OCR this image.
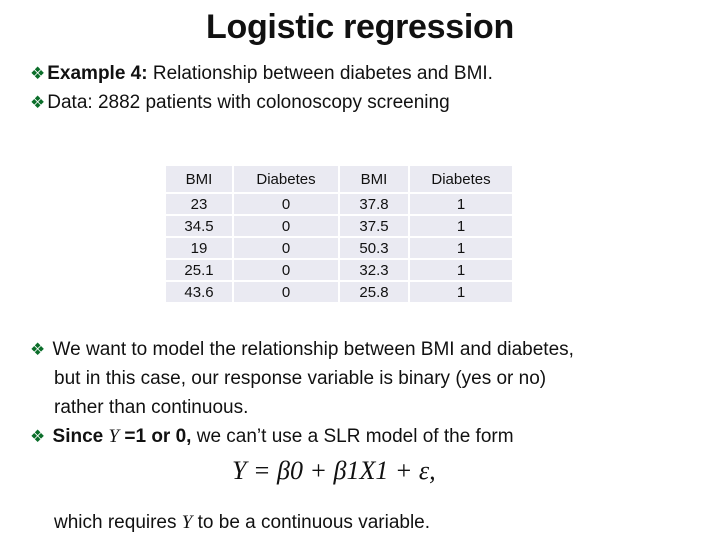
Logistic regression
❖ Example 4: Relationship between diabetes and BMI.
❖ Data: 2882 patients with colonoscopy screening
BMI	Diabetes	BMI	Diabetes
23	0	37.8	1
34.5	0	37.5	1
19	0	50.3	1
25.1	0	32.3	1
43.6	0	25.8	1
❖ We want to model the relationship between BMI and diabetes,
but in this case, our response variable is binary (yes or no)
rather than continuous.
❖ Since Y =1 or 0, we can’t use a SLR model of the form
Y = β0 + β1X1 + ε,
which requires Y to be a continuous variable.
